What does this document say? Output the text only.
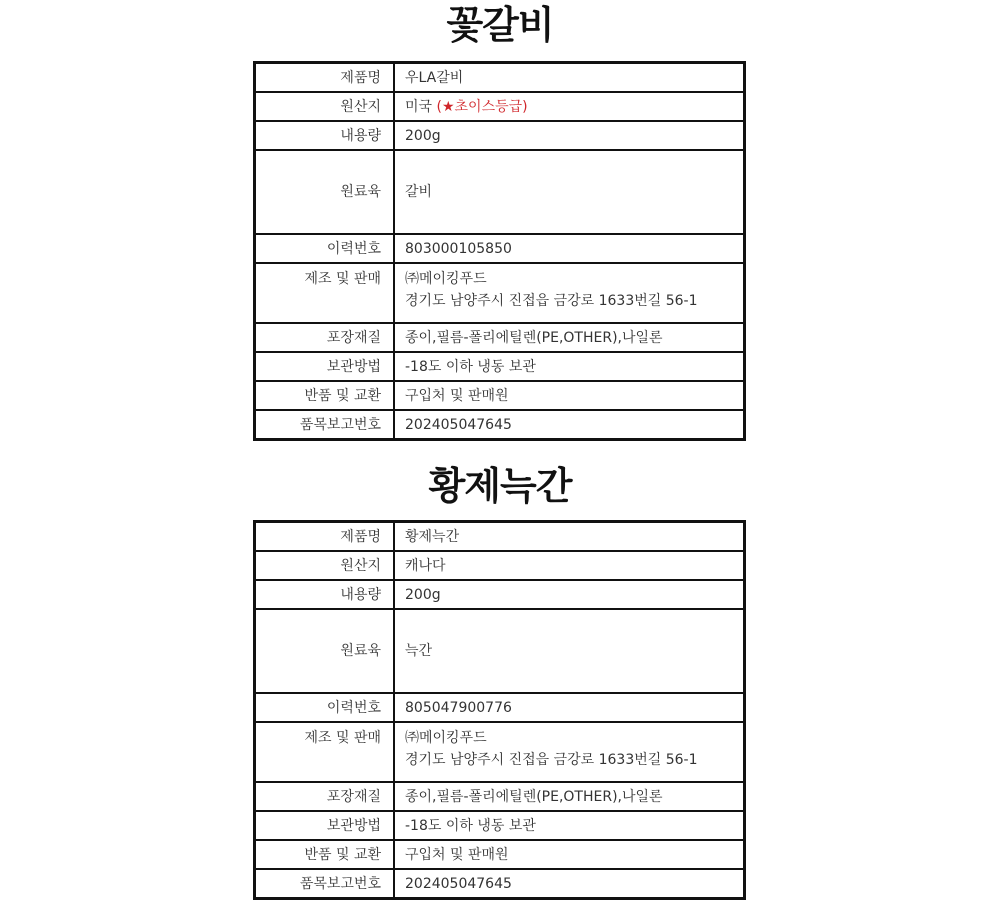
꽃갈비
제품명	우LA갈비
원산지	미국 (★초이스등급)
내용량	200g
원료육	갈비
이력번호	803000105850
제조 및 판매	㈜메이킹푸드
경기도 남양주시 진접읍 금강로 1633번길 56-1

포장재질	종이,필름-폴리에틸렌(PE,OTHER),나일론
보관방법	-18도 이하 냉동 보관
반품 및 교환	구입처 및 판매원
품목보고번호	202405047645
황제늑간
제품명	황제늑간
원산지	캐나다
내용량	200g
원료육	늑간
이력번호	805047900776
제조 및 판매	㈜메이킹푸드
경기도 남양주시 진접읍 금강로 1633번길 56-1

포장재질	종이,필름-폴리에틸렌(PE,OTHER),나일론
보관방법	-18도 이하 냉동 보관
반품 및 교환	구입처 및 판매원
품목보고번호	202405047645
